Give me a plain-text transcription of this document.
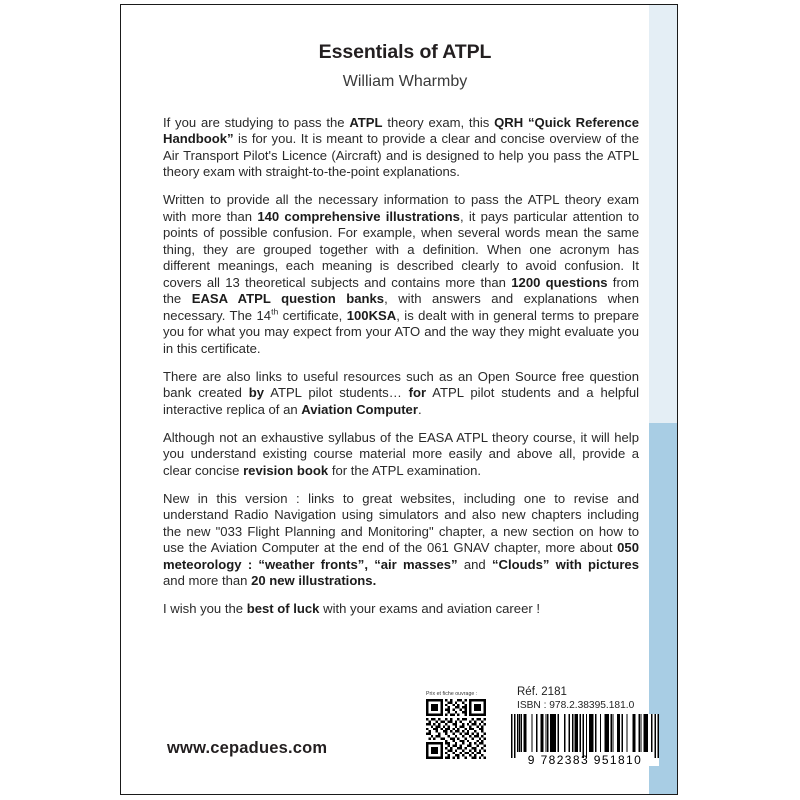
Essentials of ATPL
William Wharmby

If you are studying to pass the ATPL theory exam, this QRH “Quick Reference Handbook” is for you. It is meant to provide a clear and concise overview of the Air Transport Pilot's Licence (Aircraft) and is designed to help you pass the ATPL theory exam with straight-to-the-point explanations.

Written to provide all the necessary information to pass the ATPL theory exam with more than 140 comprehensive illustrations, it pays particular attention to points of possible confusion. For example, when several words mean the same thing, they are grouped together with a definition. When one acronym has different meanings, each meaning is described clearly to avoid confusion. It covers all 13 theoretical subjects and contains more than 1200 questions from the EASA ATPL question banks, with answers and explanations when necessary. The 14th certificate, 100KSA, is dealt with in general terms to prepare you for what you may expect from your ATO and the way they might evaluate you in this certificate.

There are also links to useful resources such as an Open Source free question bank created by ATPL pilot students… for ATPL pilot students and a helpful interactive replica of an Aviation Computer.

Although not an exhaustive syllabus of the EASA ATPL theory course, it will help you understand existing course material more easily and above all, provide a clear concise revision book for the ATPL examination.

New in this version : links to great websites, including one to revise and understand Radio Navigation using simulators and also new chapters including the new "033 Flight Planning and Monitoring" chapter, a new section on how to use the Aviation Computer at the end of the 061 GNAV chapter, more about 050 meteorology : “weather fronts”, “air masses” and “Clouds” with pictures and more than 20 new illustrations.

I wish you the best of luck with your exams and aviation career !

www.cepadues.com
Prix et fiche ouvrage :	Réf. 2181
ISBN : 978.2.38395.181.0
9 782383 951810
